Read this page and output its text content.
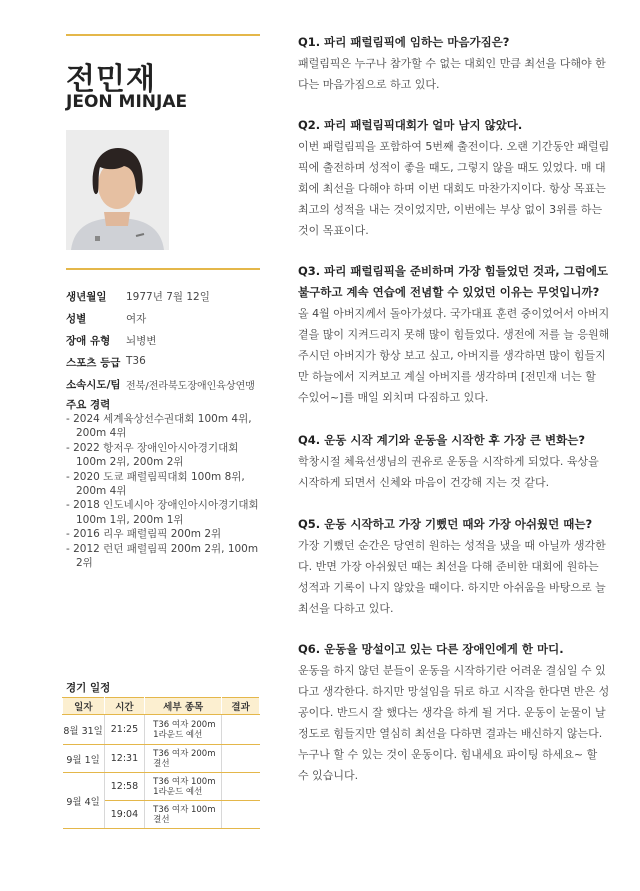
전민재
JEON MINJAE
생년월일	1977년 7월 12일
성별	여자
장애 유형	뇌병변
스포츠 등급 T36
소속시도/팀 전북/전라북도장애인육상연맹
주요 경력
- 2024 세계육상선수권대회 100m 4위, 200m 4위
- 2022 항저우 장애인아시아경기대회 100m 2위, 200m 2위
- 2020 도쿄 패럴림픽대회 100m 8위, 200m 4위
- 2018 인도네시아 장애인아시아경기대회 100m 1위, 200m 1위
- 2016 리우 패럴림픽 200m 2위
- 2012 런던 패럴림픽 200m 2위, 100m 2위
경기 일정
일자	시간	세부 종목	결과
8월 31일	21:25	T36 여자 200m 1라운드 예선	
9월 1일	12:31	T36 여자 200m 결선	
9월 4일	12:58	T36 여자 100m 1라운드 예선	
	19:04	T36 여자 100m 결선	
Q1. 파리 패럴림픽에 임하는 마음가짐은?
패럴림픽은 누구나 참가할 수 없는 대회인 만큼 최선을 다해야 한다는 마음가짐으로 하고 있다.
Q2. 파리 패럴림픽대회가 얼마 남지 않았다.
이번 패럴림픽을 포함하여 5번째 출전이다. 오랜 기간동안 패럴림픽에 출전하며 성적이 좋을 때도, 그렇지 않을 때도 있었다. 매 대회에 최선을 다해야 하며 이번 대회도 마찬가지이다. 항상 목표는 최고의 성적을 내는 것이었지만, 이번에는 부상 없이 3위를 하는 것이 목표이다.
Q3. 파리 패럴림픽을 준비하며 가장 힘들었던 것과, 그럼에도 불구하고 계속 연습에 전념할 수 있었던 이유는 무엇입니까?
올 4월 아버지께서 돌아가셨다. 국가대표 훈련 중이었어서 아버지 곁을 많이 지켜드리지 못해 많이 힘들었다. 생전에 저를 늘 응원해 주시던 아버지가 항상 보고 싶고, 아버지를 생각하면 많이 힘들지만 하늘에서 지켜보고 계실 아버지를 생각하며 [전민재 너는 할 수있어~]를 매일 외치며 다짐하고 있다.
Q4. 운동 시작 계기와 운동을 시작한 후 가장 큰 변화는?
학창시절 체육선생님의 권유로 운동을 시작하게 되었다. 육상을 시작하게 되면서 신체와 마음이 건강해 지는 것 같다.
Q5. 운동 시작하고 가장 기뻤던 때와 가장 아쉬웠던 때는?
가장 기뻤던 순간은 당연히 원하는 성적을 냈을 때 아닐까 생각한다. 반면 가장 아쉬웠던 때는 최선을 다해 준비한 대회에 원하는 성적과 기록이 나지 않았을 때이다. 하지만 아쉬움을 바탕으로 늘 최선을 다하고 있다.
Q6. 운동을 망설이고 있는 다른 장애인에게 한 마디.
운동을 하지 않던 분들이 운동을 시작하기란 어려운 결심일 수 있다고 생각한다. 하지만 망설임을 뒤로 하고 시작을 한다면 반은 성공이다. 반드시 잘 했다는 생각을 하게 될 거다. 운동이 눈물이 날 정도로 힘들지만 열심히 최선을 다하면 결과는 배신하지 않는다. 누구나 할 수 있는 것이 운동이다. 힘내세요 파이팅 하세요~ 할 수 있습니다.
